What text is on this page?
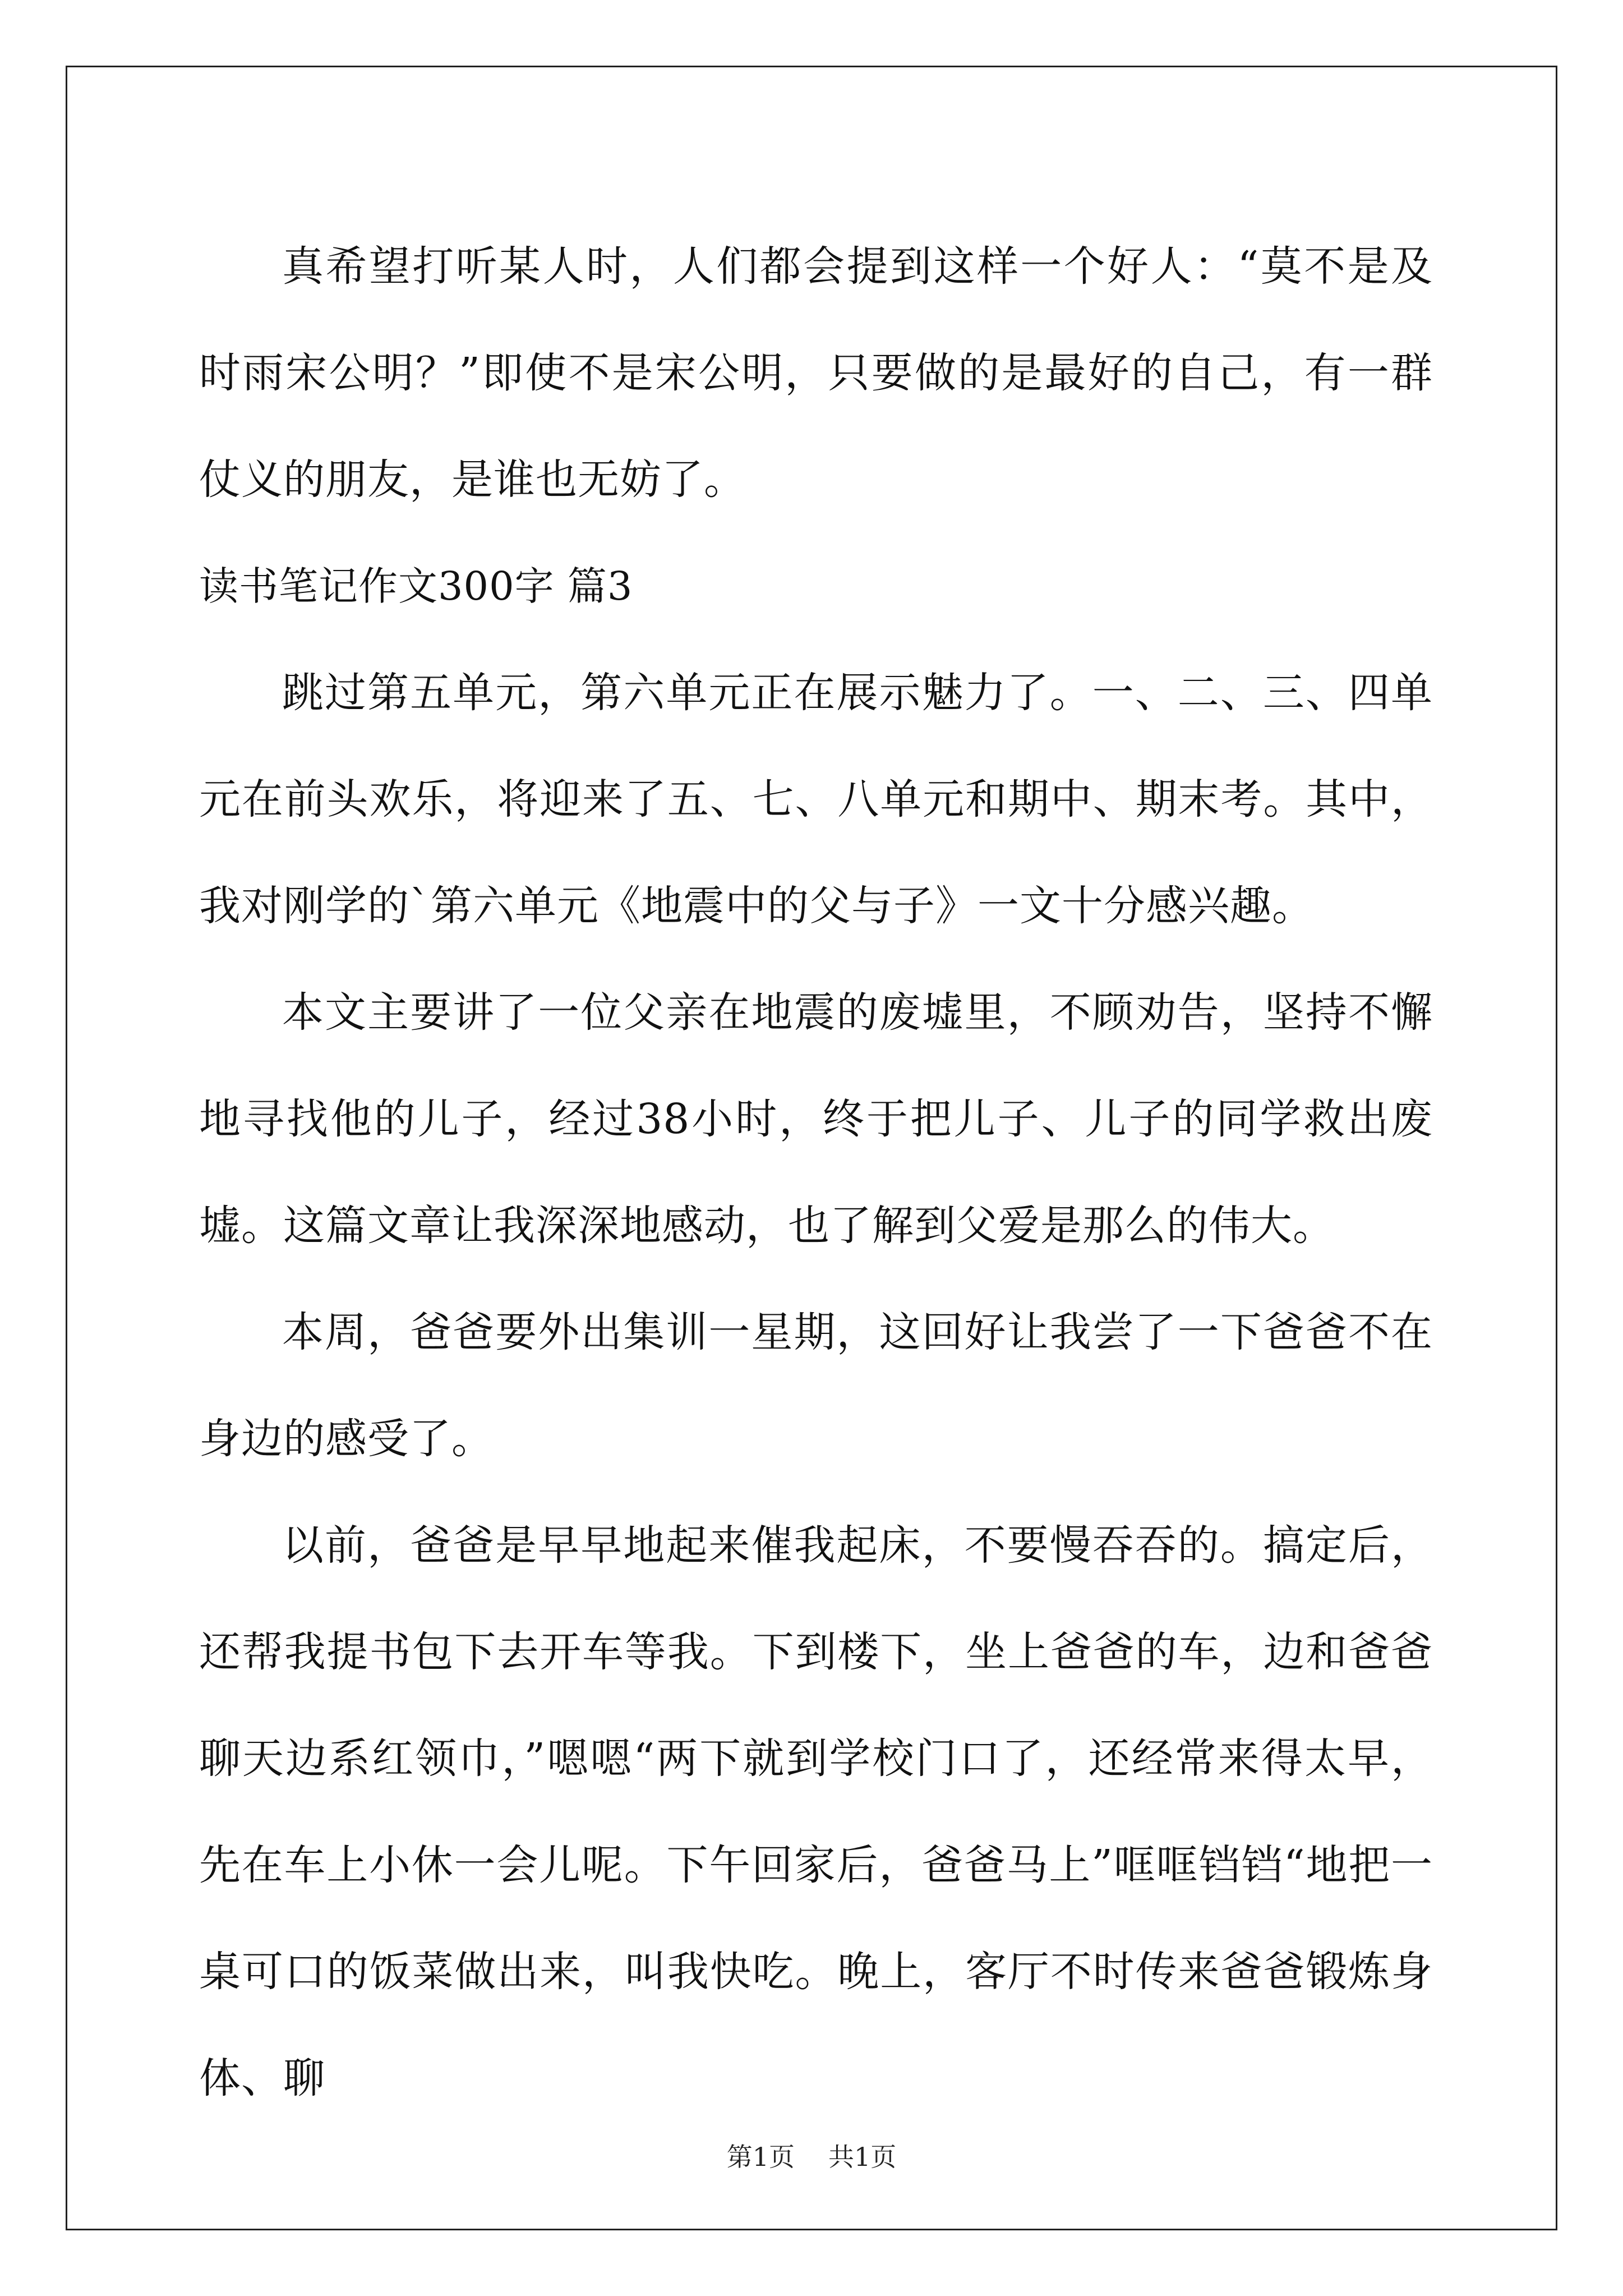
真希望打听某人时，人们都会提到这样一个好人：“莫不是及时雨宋公明？”即使不是宋公明，只要做的是最好的自己，有一群仗义的朋友，是谁也无妨了。

读书笔记作文300字 篇3

跳过第五单元，第六单元正在展示魅力了。一、二、三、四单元在前头欢乐，将迎来了五、七、八单元和期中、期末考。其中，我对刚学的`第六单元《地震中的父与子》一文十分感兴趣。

本文主要讲了一位父亲在地震的废墟里，不顾劝告，坚持不懈地寻找他的儿子，经过38小时，终于把儿子、儿子的同学救出废墟。这篇文章让我深深地感动，也了解到父爱是那么的伟大。

本周，爸爸要外出集训一星期，这回好让我尝了一下爸爸不在身边的感受了。

以前，爸爸是早早地起来催我起床，不要慢吞吞的。搞定后，还帮我提书包下去开车等我。下到楼下，坐上爸爸的车，边和爸爸聊天边系红领巾，”嗯嗯“两下就到学校门口了，还经常来得太早，先在车上小休一会儿呢。下午回家后，爸爸马上”哐哐铛铛“地把一桌可口的饭菜做出来，叫我快吃。晚上，客厅不时传来爸爸锻炼身体、聊

第1页 共1页
